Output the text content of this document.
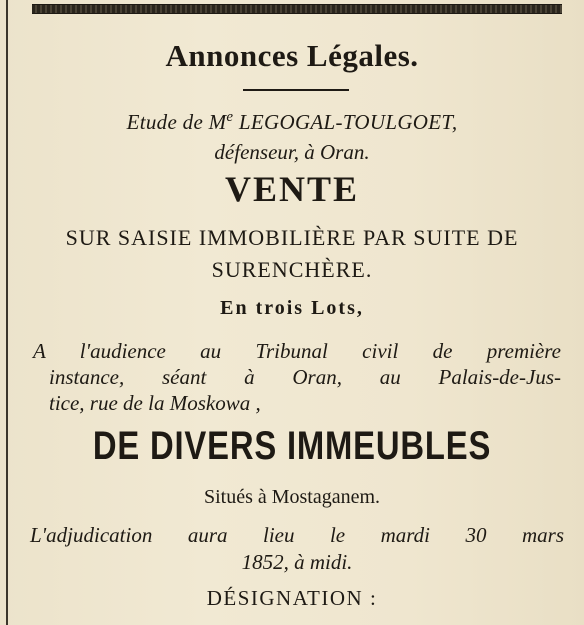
Annonces Légales.

Etude de Me LEGOGAL-TOULGOET,

défenseur, à Oran.

VENTE

SUR SAISIE IMMOBILIÈRE PAR SUITE DE

SURENCHÈRE.

En trois Lots,

A l'audience au Tribunal civil de première
instance, séant à Oran, au Palais-de-Jus-
tice, rue de la Moskowa ,

DE DIVERS IMMEUBLES

Situés à Mostaganem.

L'adjudication aura lieu le mardi 30 mars
1852, à midi.

DÉSIGNATION :
